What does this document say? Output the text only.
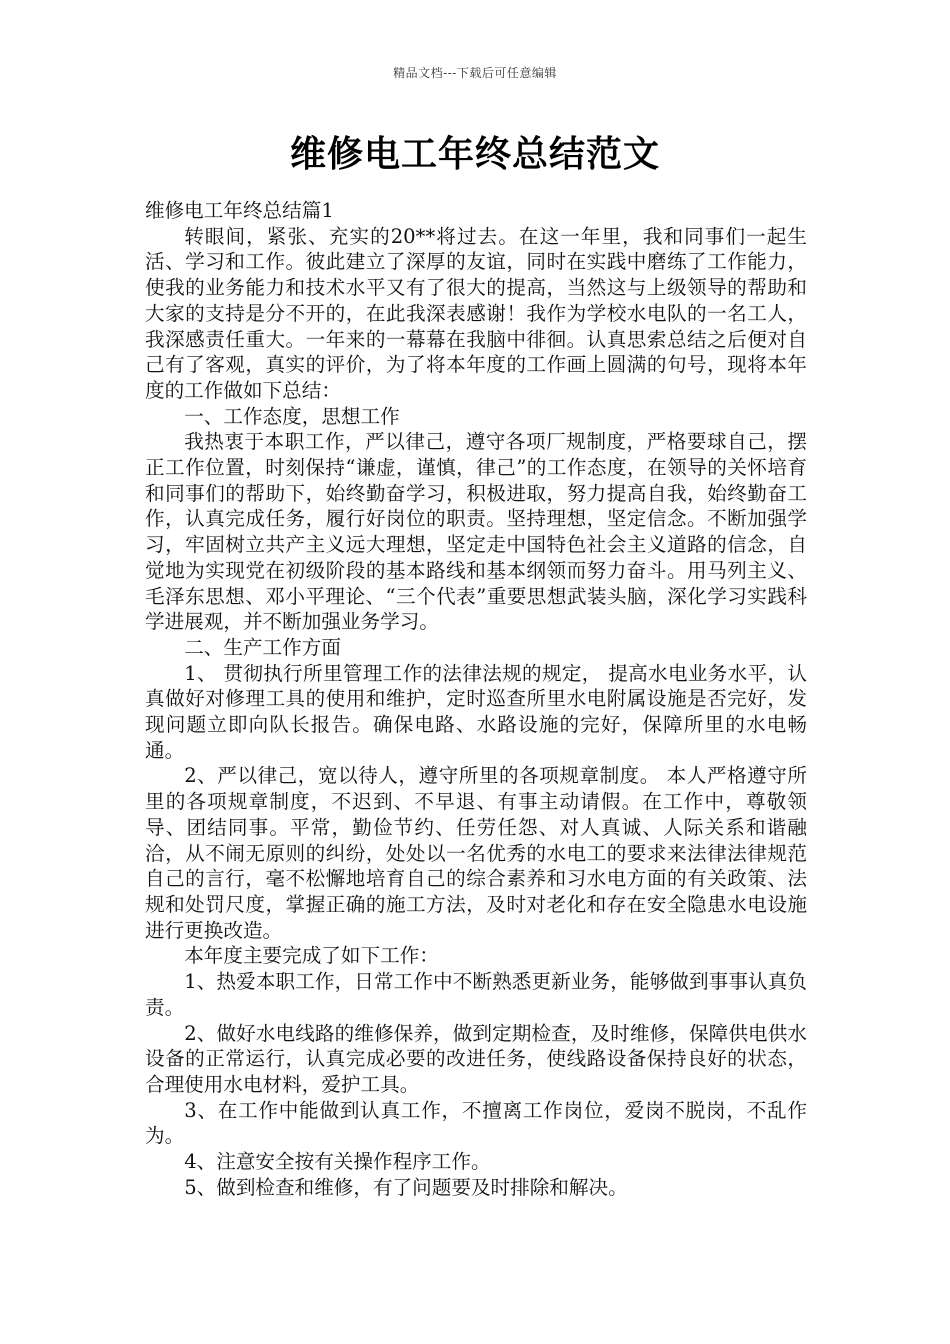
精品文档---下载后可任意编辑
维修电工年终总结范文

维修电工年终总结篇1

转眼间，紧张、充实的20**将过去。在这一年里，我和同事们一起生活、学习和工作。彼此建立了深厚的友谊，同时在实践中磨练了工作能力，使我的业务能力和技术水平又有了很大的提高，当然这与上级领导的帮助和大家的支持是分不开的，在此我深表感谢！我作为学校水电队的一名工人，我深感责任重大。一年来的一幕幕在我脑中徘徊。认真思索总结之后便对自己有了客观，真实的评价，为了将本年度的工作画上圆满的句号，现将本年度的工作做如下总结：

一、工作态度，思想工作

我热衷于本职工作，严以律己，遵守各项厂规制度，严格要球自己，摆正工作位置，时刻保持“谦虚，谨慎，律己”的工作态度，在领导的关怀培育和同事们的帮助下，始终勤奋学习，积极进取，努力提高自我，始终勤奋工作，认真完成任务，履行好岗位的职责。坚持理想，坚定信念。不断加强学习，牢固树立共产主义远大理想，坚定走中国特色社会主义道路的信念，自觉地为实现党在初级阶段的基本路线和基本纲领而努力奋斗。用马列主义、毛泽东思想、邓小平理论、“三个代表”重要思想武装头脑，深化学习实践科学进展观，并不断加强业务学习。

二、生产工作方面

1、 贯彻执行所里管理工作的法律法规的规定， 提高水电业务水平，认真做好对修理工具的使用和维护，定时巡查所里水电附属设施是否完好，发现问题立即向队长报告。确保电路、水路设施的完好，保障所里的水电畅通。

2、严以律己，宽以待人，遵守所里的各项规章制度。 本人严格遵守所里的各项规章制度，不迟到、不早退、有事主动请假。在工作中，尊敬领导、团结同事。平常，勤俭节约、任劳任怨、对人真诚、人际关系和谐融洽，从不闹无原则的纠纷，处处以一名优秀的水电工的要求来法律法律规范自己的言行，毫不松懈地培育自己的综合素养和习水电方面的有关政策、法规和处罚尺度，掌握正确的施工方法，及时对老化和存在安全隐患水电设施进行更换改造。

本年度主要完成了如下工作：

1、热爱本职工作，日常工作中不断熟悉更新业务，能够做到事事认真负责。

2、做好水电线路的维修保养，做到定期检查，及时维修，保障供电供水设备的正常运行，认真完成必要的改进任务，使线路设备保持良好的状态，合理使用水电材料，爱护工具。

3、在工作中能做到认真工作，不擅离工作岗位，爱岗不脱岗，不乱作为。

4、注意安全按有关操作程序工作。

5、做到检查和维修，有了问题要及时排除和解决。
